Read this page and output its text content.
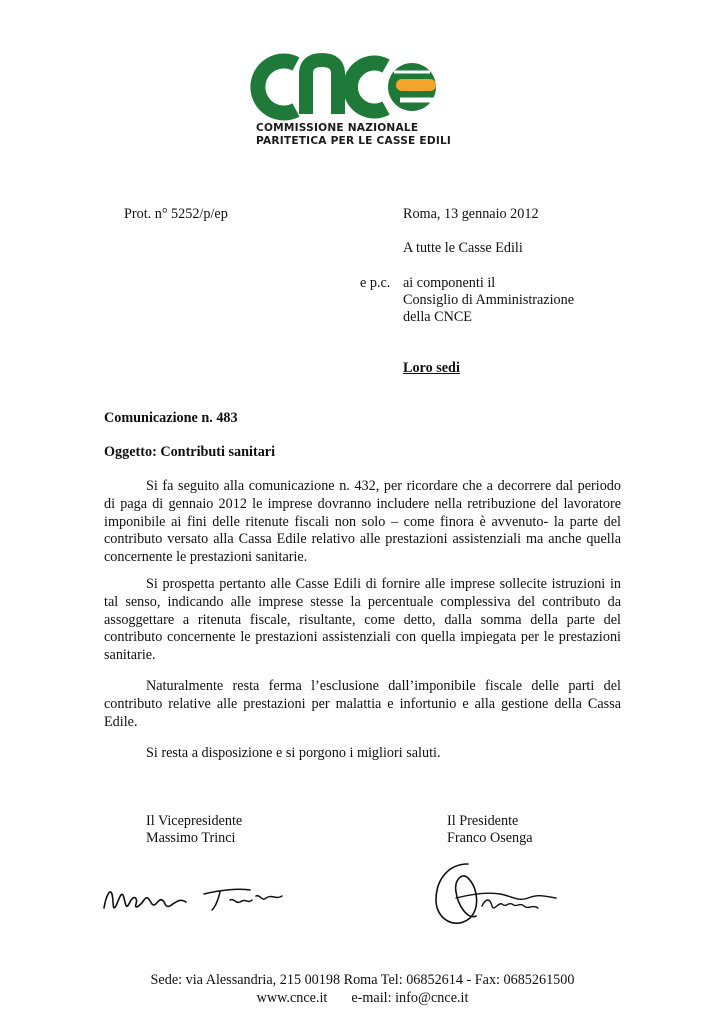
COMMISSIONE NAZIONALE
PARITETICA PER LE CASSE EDILI
Prot. n° 5252/p/ep	Roma, 13 gennaio 2012
A tutte le Casse Edili
e p.c. ai componenti il
Consiglio di Amministrazione
della CNCE
Loro sedi
Comunicazione n. 483
Oggetto: Contributi sanitari

Si fa seguito alla comunicazione n. 432, per ricordare che a decorrere dal periodo di paga di gennaio 2012 le imprese dovranno includere nella retribuzione del lavoratore imponibile ai fini delle ritenute fiscali non solo – come finora è avvenuto- la parte del contributo versato alla Cassa Edile relativo alle prestazioni assistenziali ma anche quella concernente le prestazioni sanitarie.

Si prospetta pertanto alle Casse Edili di fornire alle imprese sollecite istruzioni in tal senso, indicando alle imprese stesse la percentuale complessiva del contributo da assoggettare a ritenuta fiscale, risultante, come detto, dalla somma della parte del contributo concernente le prestazioni assistenziali con quella impiegata per le prestazioni sanitarie.

Naturalmente resta ferma l’esclusione dall’imponibile fiscale delle parti del contributo relative alle prestazioni per malattia e infortunio e alla gestione della Cassa Edile.

Si resta a disposizione e si porgono i migliori saluti.

Il Vicepresidente
Massimo Trinci
Il Presidente
Franco Osenga
Sede: via Alessandria, 215 00198 Roma Tel: 06852614 - Fax: 0685261500
www.cnce.it e-mail: info@cnce.it
